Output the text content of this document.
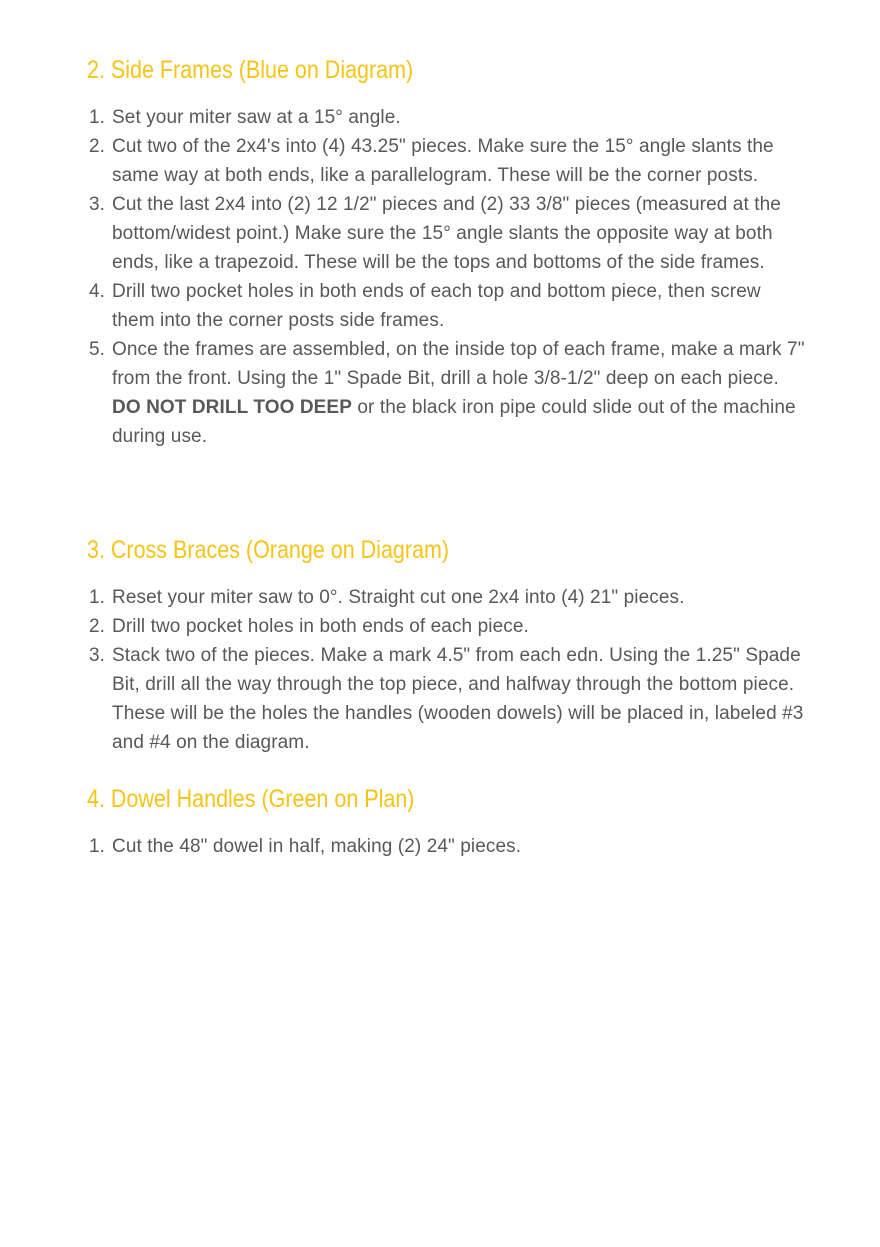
2. Side Frames (Blue on Diagram)
1. Set your miter saw at a 15° angle.
2. Cut two of the 2x4's into (4) 43.25" pieces. Make sure the 15° angle slants the same way at both ends, like a parallelogram. These will be the corner posts.
3. Cut the last 2x4 into (2) 12 1/2" pieces and (2) 33 3/8" pieces (measured at the bottom/widest point.) Make sure the 15° angle slants the opposite way at both ends, like a trapezoid. These will be the tops and bottoms of the side frames.
4. Drill two pocket holes in both ends of each top and bottom piece, then screw them into the corner posts side frames.
5. Once the frames are assembled, on the inside top of each frame, make a mark 7" from the front. Using the 1" Spade Bit, drill a hole 3/8-1/2" deep on each piece. DO NOT DRILL TOO DEEP or the black iron pipe could slide out of the machine during use.
3. Cross Braces (Orange on Diagram)
1. Reset your miter saw to 0°. Straight cut one 2x4 into (4) 21" pieces.
2. Drill two pocket holes in both ends of each piece.
3. Stack two of the pieces. Make a mark 4.5" from each edn. Using the 1.25" Spade Bit, drill all the way through the top piece, and halfway through the bottom piece. These will be the holes the handles (wooden dowels) will be placed in, labeled #3 and #4 on the diagram.
4. Dowel Handles (Green on Plan)
1. Cut the 48" dowel in half, making (2) 24" pieces.
